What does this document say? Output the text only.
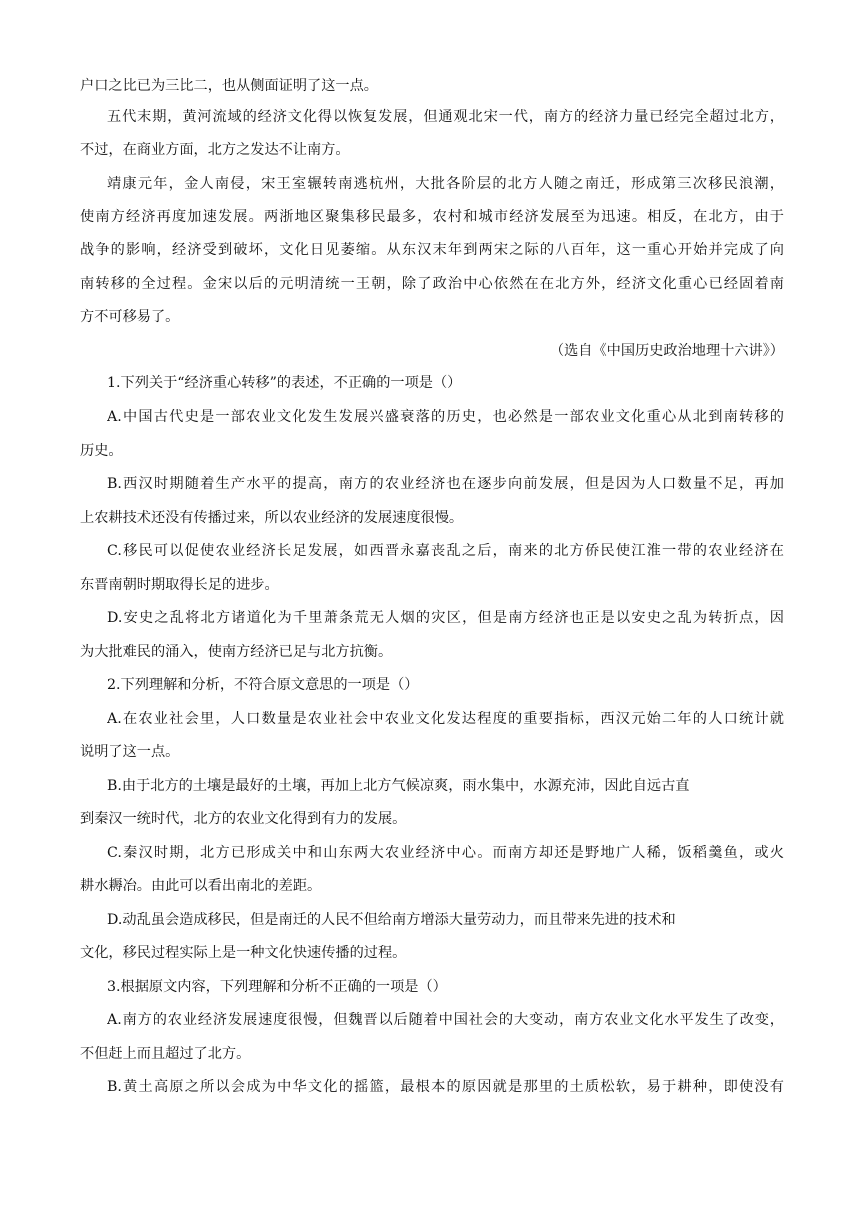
户口之比已为三比二，也从侧面证明了这一点。
五代末期，黄河流域的经济文化得以恢复发展，但通观北宋一代，南方的经济力量已经完全超过北方，
不过，在商业方面，北方之发达不让南方。
靖康元年，金人南侵，宋王室辗转南逃杭州，大批各阶层的北方人随之南迁，形成第三次移民浪潮，
使南方经济再度加速发展。两浙地区聚集移民最多，农村和城市经济发展至为迅速。相反，在北方，由于
战争的影响，经济受到破坏，文化日见萎缩。从东汉末年到两宋之际的八百年，这一重心开始并完成了向
南转移的全过程。金宋以后的元明清统一王朝，除了政治中心依然在在北方外，经济文化重心已经固着南
方不可移易了。
（选自《中国历史政治地理十六讲》）
1.下列关于“经济重心转移”的表述，不正确的一项是（）
A.中国古代史是一部农业文化发生发展兴盛衰落的历史，也必然是一部农业文化重心从北到南转移的
历史。
B.西汉时期随着生产水平的提高，南方的农业经济也在逐步向前发展，但是因为人口数量不足，再加
上农耕技术还没有传播过来，所以农业经济的发展速度很慢。
C.移民可以促使农业经济长足发展，如西晋永嘉丧乱之后，南来的北方侨民使江淮一带的农业经济在
东晋南朝时期取得长足的进步。
D.安史之乱将北方诸道化为千里萧条荒无人烟的灾区，但是南方经济也正是以安史之乱为转折点，因
为大批难民的涌入，使南方经济已足与北方抗衡。
2.下列理解和分析，不符合原文意思的一项是（）
A.在农业社会里，人口数量是农业社会中农业文化发达程度的重要指标，西汉元始二年的人口统计就
说明了这一点。
B.由于北方的土壤是最好的土壤，再加上北方气候凉爽，雨水集中，水源充沛，因此自远古直
到秦汉一统时代，北方的农业文化得到有力的发展。
C.秦汉时期，北方已形成关中和山东两大农业经济中心。而南方却还是野地广人稀，饭稻羹鱼，或火
耕水耨冶。由此可以看出南北的差距。
D.动乱虽会造成移民，但是南迁的人民不但给南方增添大量劳动力，而且带来先进的技术和
文化，移民过程实际上是一种文化快速传播的过程。
3.根据原文内容，下列理解和分析不正确的一项是（）
A.南方的农业经济发展速度很慢，但魏晋以后随着中国社会的大变动，南方农业文化水平发生了改变，
不但赶上而且超过了北方。
B.黄土高原之所以会成为中华文化的摇篮，最根本的原因就是那里的土质松软，易于耕种，即使没有
